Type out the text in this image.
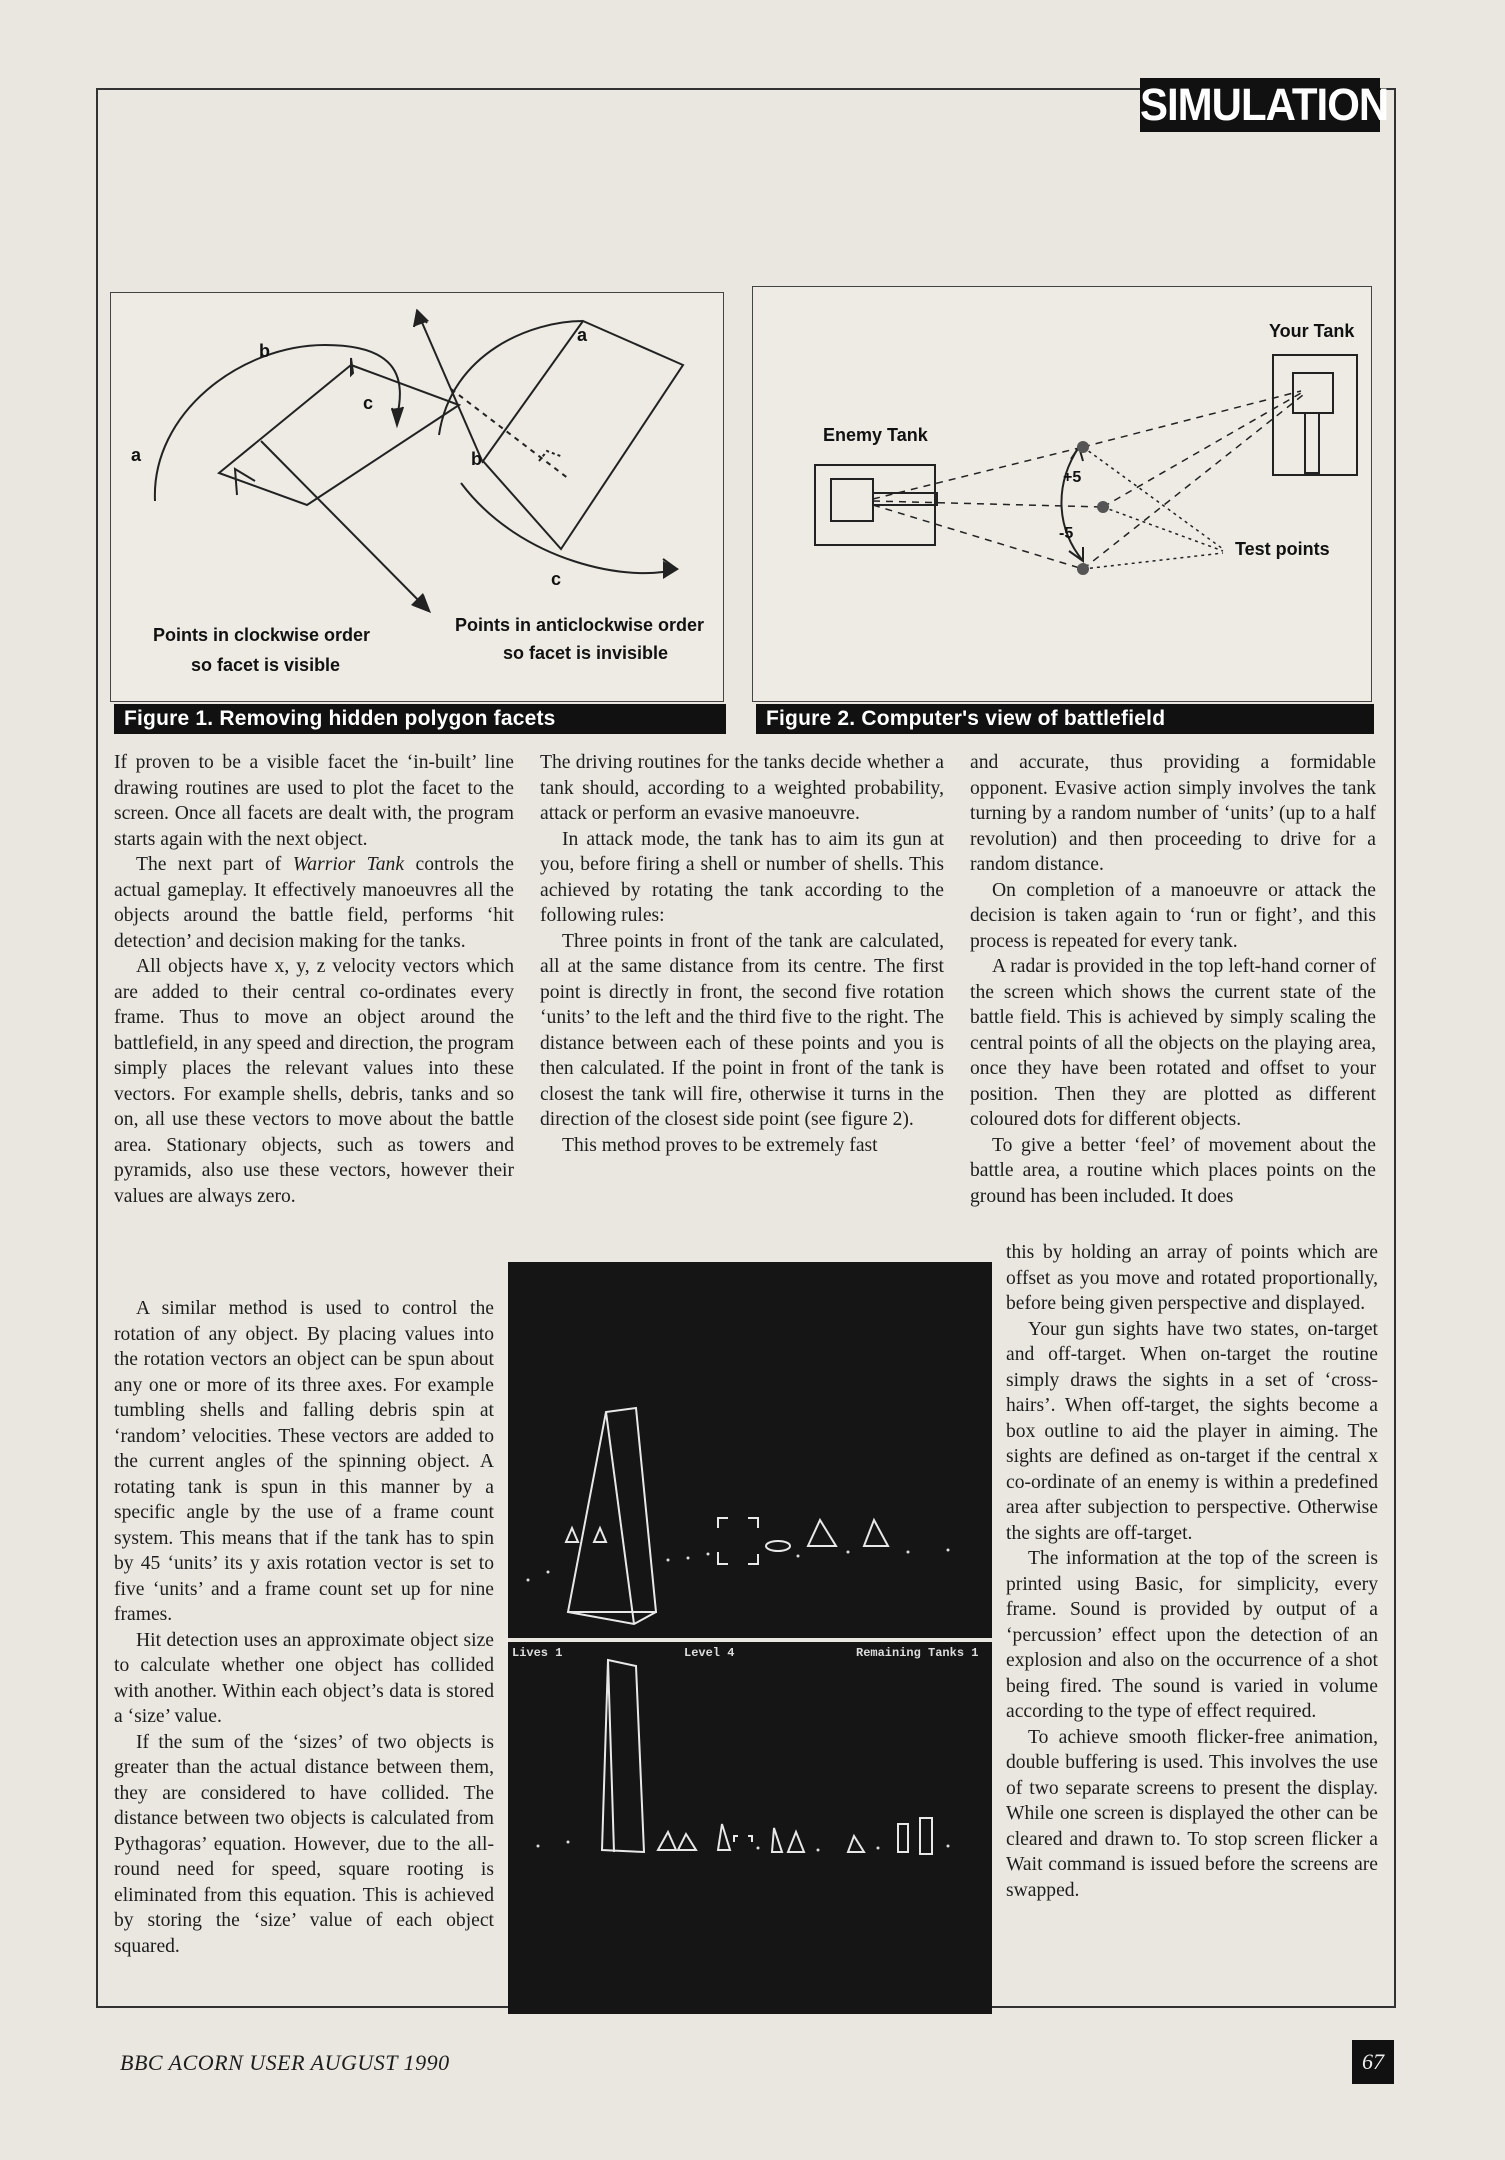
SIMULATION
a
b
c
a
b
c
Points in clockwise order
so facet is visible
Points in anticlockwise order
so facet is invisible
Figure 1. Removing hidden polygon facets
Your Tank
Enemy Tank
+5
-5
Test points
Figure 2. Computer's view of battlefield

If proven to be a visible facet the ‘in-built’ line drawing routines are used to plot the facet to the screen. Once all facets are dealt with, the program starts again with the next object.

The next part of Warrior Tank controls the actual gameplay. It effectively manoeuvres all the objects around the battle field, performs ‘hit detection’ and decision making for the tanks.

All objects have x, y, z velocity vectors which are added to their central co-ordinates every frame. Thus to move an object around the battlefield, in any speed and direction, the program simply places the relevant values into these vectors. For example shells, debris, tanks and so on, all use these vectors to move about the battle area. Stationary objects, such as towers and pyramids, also use these vectors, however their values are always zero.

A similar method is used to control the rotation of any object. By placing values into the rotation vectors an object can be spun about any one or more of its three axes. For example tumbling shells and falling debris spin at ‘random’ velocities. These vectors are added to the current angles of the spinning object. A rotating tank is spun in this manner by a specific angle by the use of a frame count system. This means that if the tank has to spin by 45 ‘units’ its y axis rotation vector is set to five ‘units’ and a frame count set up for nine frames.

Hit detection uses an approximate object size to calculate whether one object has collided with another. Within each object’s data is stored a ‘size’ value.

If the sum of the ‘sizes’ of two objects is greater than the actual distance between them, they are considered to have collided. The distance between two objects is calculated from Pythagoras’ equation. However, due to the all-round need for speed, square rooting is eliminated from this equation. This is achieved by storing the ‘size’ value of each object squared.

The driving routines for the tanks decide whether a tank should, according to a weighted probability, attack or perform an evasive manoeuvre.

In attack mode, the tank has to aim its gun at you, before firing a shell or number of shells. This achieved by rotating the tank according to the following rules:

Three points in front of the tank are calculated, all at the same distance from its centre. The first point is directly in front, the second five rotation ‘units’ to the left and the third five to the right. The distance between each of these points and you is then calculated. If the point in front of the tank is closest the tank will fire, otherwise it turns in the direction of the closest side point (see figure 2).

This method proves to be extremely fast

Lives 1	Level 4	Remaining Tanks 1

and accurate, thus providing a formidable opponent. Evasive action simply involves the tank turning by a random number of ‘units’ (up to a half revolution) and then proceeding to drive for a random distance.

On completion of a manoeuvre or attack the decision is taken again to ‘run or fight’, and this process is repeated for every tank.

A radar is provided in the top left-hand corner of the screen which shows the current state of the battle field. This is achieved by simply scaling the central points of all the objects on the playing area, once they have been rotated and offset to your position. Then they are plotted as different coloured dots for different objects.

To give a better ‘feel’ of movement about the battle area, a routine which places points on the ground has been included. It does

this by holding an array of points which are offset as you move and rotated proportionally, before being given perspective and displayed.

Your gun sights have two states, on-target and off-target. When on-target the routine simply draws the sights in a set of ‘cross-hairs’. When off-target, the sights become a box outline to aid the player in aiming. The sights are defined as on-target if the central x co-ordinate of an enemy is within a predefined area after subjection to perspective. Otherwise the sights are off-target.

The information at the top of the screen is printed using Basic, for simplicity, every frame. Sound is provided by output of a ‘percussion’ effect upon the detection of an explosion and also on the occurrence of a shot being fired. The sound is varied in volume according to the type of effect required.

To achieve smooth flicker-free animation, double buffering is used. This involves the use of two separate screens to present the display. While one screen is displayed the other can be cleared and drawn to. To stop screen flicker a Wait command is issued before the screens are swapped.

BBC ACORN USER AUGUST 1990	67
